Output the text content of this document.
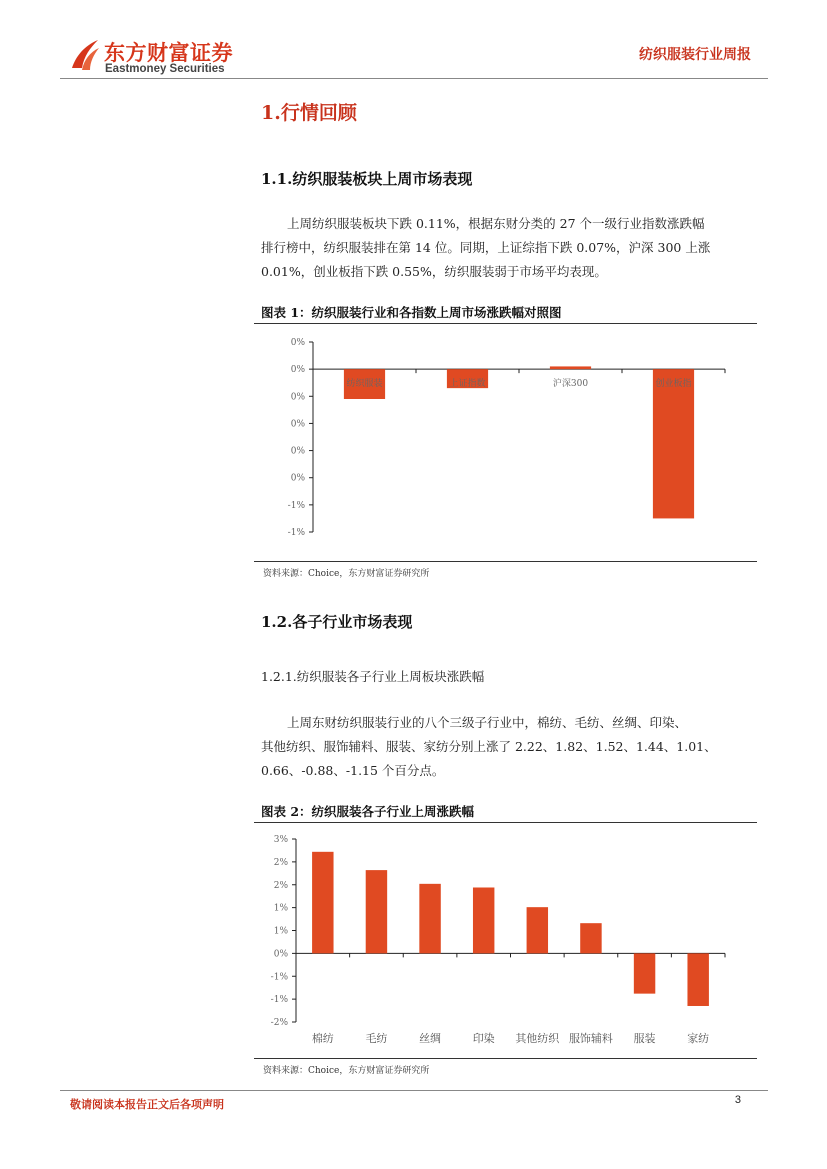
东方财富证券
Eastmoney Securities
纺织服装行业周报
1.行情回顾
1.1.纺织服装板块上周市场表现

上周纺织服装板块下跌 0.11%，根据东财分类的 27 个一级行业指数涨跌幅

排行榜中，纺织服装排在第 14 位。同期，上证综指下跌 0.07%，沪深 300 上涨

0.01%，创业板指下跌 0.55%，纺织服装弱于市场平均表现。

图表 1：纺织服装行业和各指数上周市场涨跌幅对照图
0%
0%
0%
0%
0%
0%
-1%
-1%
纺织服装	上证指数	沪深300	创业板指
资料来源：Choice，东方财富证券研究所
1.2.各子行业市场表现
1.2.1.纺织服装各子行业上周板块涨跌幅

上周东财纺织服装行业的八个三级子行业中，棉纺、毛纺、丝绸、印染、

其他纺织、服饰辅料、服装、家纺分别上涨了 2.22、1.82、1.52、1.44、1.01、

0.66、-0.88、-1.15 个百分点。

图表 2：纺织服装各子行业上周涨跌幅
3%
2%
2%
1%
1%
0%
-1%
-1%
-2%
棉纺	毛纺	丝绸	印染 其他纺织 服饰辅料 服装	家纺
资料来源：Choice，东方财富证券研究所
敬请阅读本报告正文后各项声明	3
